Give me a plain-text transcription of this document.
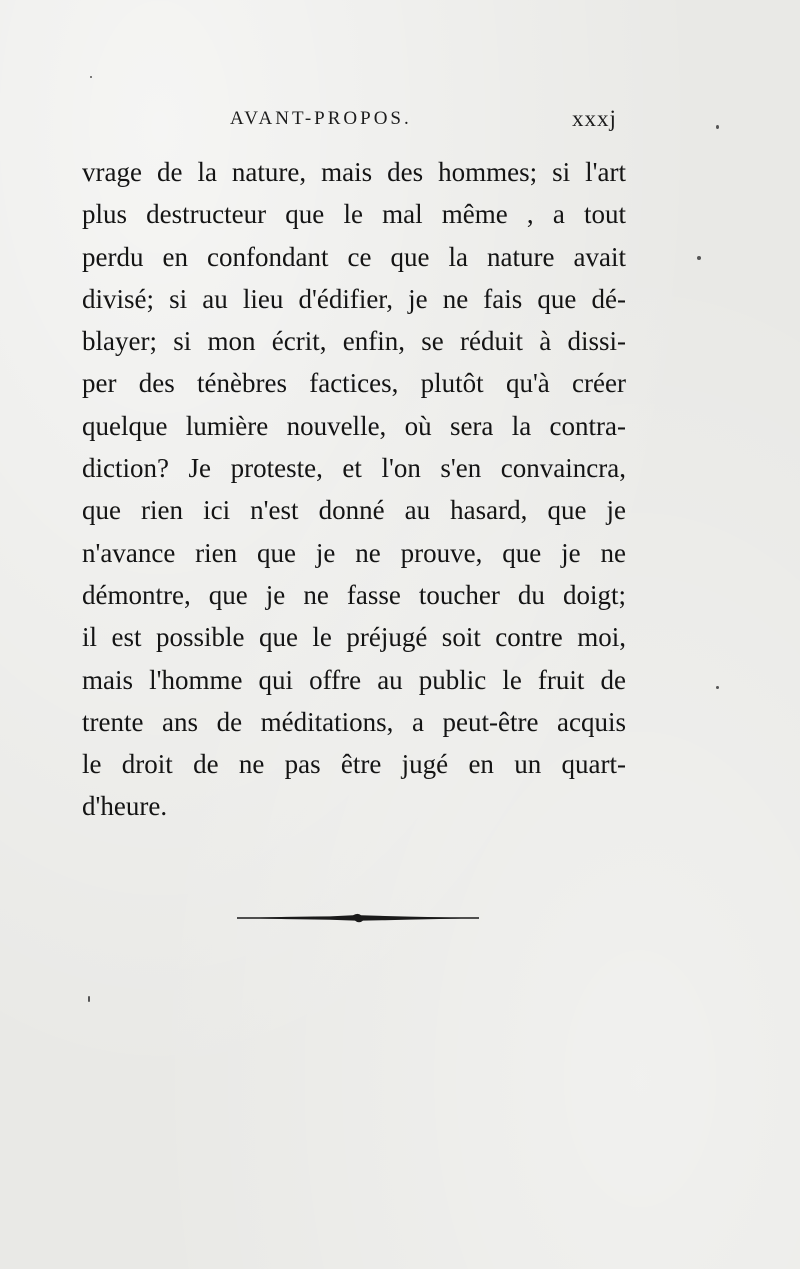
AVANT-PROPOS.	xxxj
vrage de la nature, mais des hommes; si l'art
plus destructeur que le mal même , a tout
perdu en confondant ce que la nature avait
divisé; si au lieu d'édifier, je ne fais que dé-
blayer; si mon écrit, enfin, se réduit à dissi-
per des ténèbres factices, plutôt qu'à créer
quelque lumière nouvelle, où sera la contra-
diction? Je proteste, et l'on s'en convaincra,
que rien ici n'est donné au hasard, que je
n'avance rien que je ne prouve, que je ne
démontre, que je ne fasse toucher du doigt;
il est possible que le préjugé soit contre moi,
mais l'homme qui offre au public le fruit de
trente ans de méditations, a peut-être acquis
le droit de ne pas être jugé en un quart-
d'heure.
